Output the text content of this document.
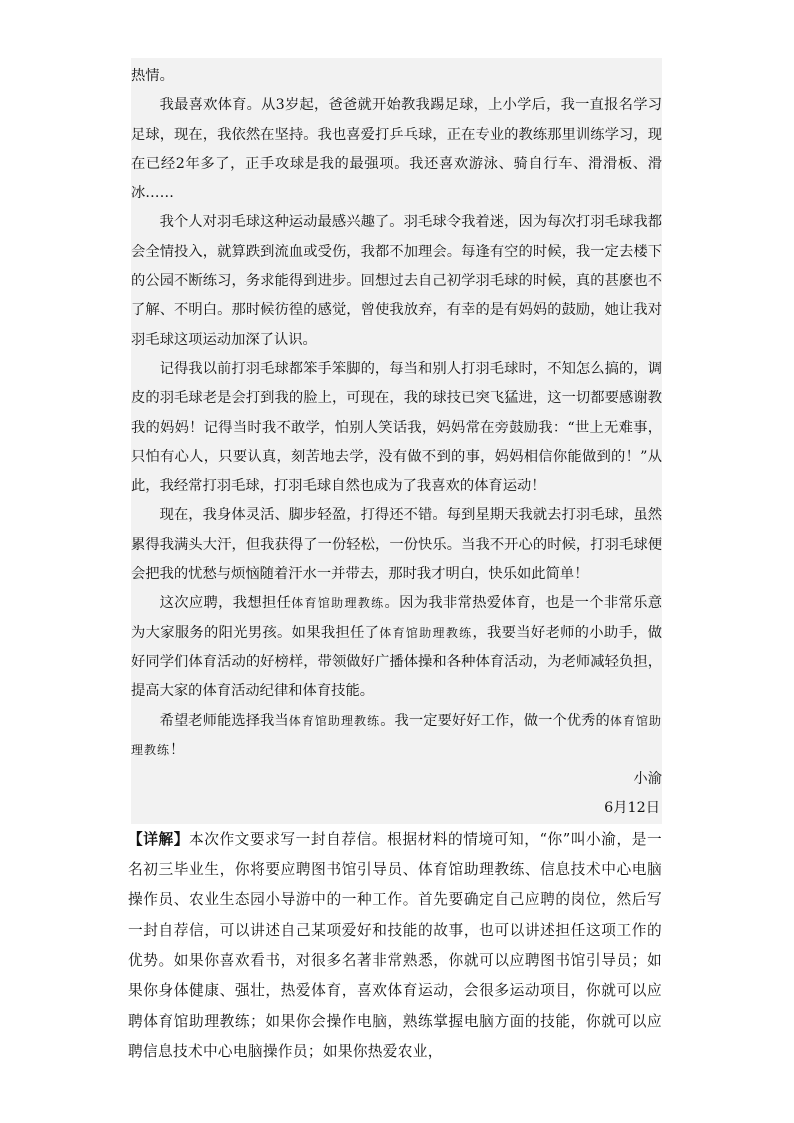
热情。

我最喜欢体育。从3岁起，爸爸就开始教我踢足球，上小学后，我一直报名学习足球，现在，我依然在坚持。我也喜爱打乒乓球，正在专业的教练那里训练学习，现在已经2年多了，正手攻球是我的最强项。我还喜欢游泳、骑自行车、滑滑板、滑冰……

我个人对羽毛球这种运动最感兴趣了。羽毛球令我着迷，因为每次打羽毛球我都会全情投入，就算跌到流血或受伤，我都不加理会。每逢有空的时候，我一定去楼下的公园不断练习，务求能得到进步。回想过去自己初学羽毛球的时候，真的甚麽也不了解、不明白。那时候彷徨的感觉，曾使我放弃，有幸的是有妈妈的鼓励，她让我对羽毛球这项运动加深了认识。

记得我以前打羽毛球都笨手笨脚的，每当和别人打羽毛球时，不知怎么搞的，调皮的羽毛球老是会打到我的脸上，可现在，我的球技已突飞猛进，这一切都要感谢教我的妈妈！记得当时我不敢学，怕别人笑话我，妈妈常在旁鼓励我：“世上无难事，只怕有心人，只要认真，刻苦地去学，没有做不到的事，妈妈相信你能做到的！”从此，我经常打羽毛球，打羽毛球自然也成为了我喜欢的体育运动！

现在，我身体灵活、脚步轻盈，打得还不错。每到星期天我就去打羽毛球，虽然累得我满头大汗，但我获得了一份轻松，一份快乐。当我不开心的时候，打羽毛球便会把我的忧愁与烦恼随着汗水一并带去，那时我才明白，快乐如此简单！

这次应聘，我想担任体育馆助理教练。因为我非常热爱体育，也是一个非常乐意为大家服务的阳光男孩。如果我担任了体育馆助理教练，我要当好老师的小助手，做好同学们体育活动的好榜样，带领做好广播体操和各种体育活动，为老师减轻负担，提高大家的体育活动纪律和体育技能。

希望老师能选择我当体育馆助理教练。我一定要好好工作，做一个优秀的体育馆助理教练！

小渝

6月12日

【详解】本次作文要求写一封自荐信。根据材料的情境可知，“你”叫小渝，是一名初三毕业生，你将要应聘图书馆引导员、体育馆助理教练、信息技术中心电脑操作员、农业生态园小导游中的一种工作。首先要确定自己应聘的岗位，然后写一封自荐信，可以讲述自己某项爱好和技能的故事，也可以讲述担任这项工作的优势。如果你喜欢看书，对很多名著非常熟悉，你就可以应聘图书馆引导员；如果你身体健康、强壮，热爱体育，喜欢体育运动，会很多运动项目，你就可以应聘体育馆助理教练；如果你会操作电脑，熟练掌握电脑方面的技能，你就可以应聘信息技术中心电脑操作员；如果你热爱农业，
